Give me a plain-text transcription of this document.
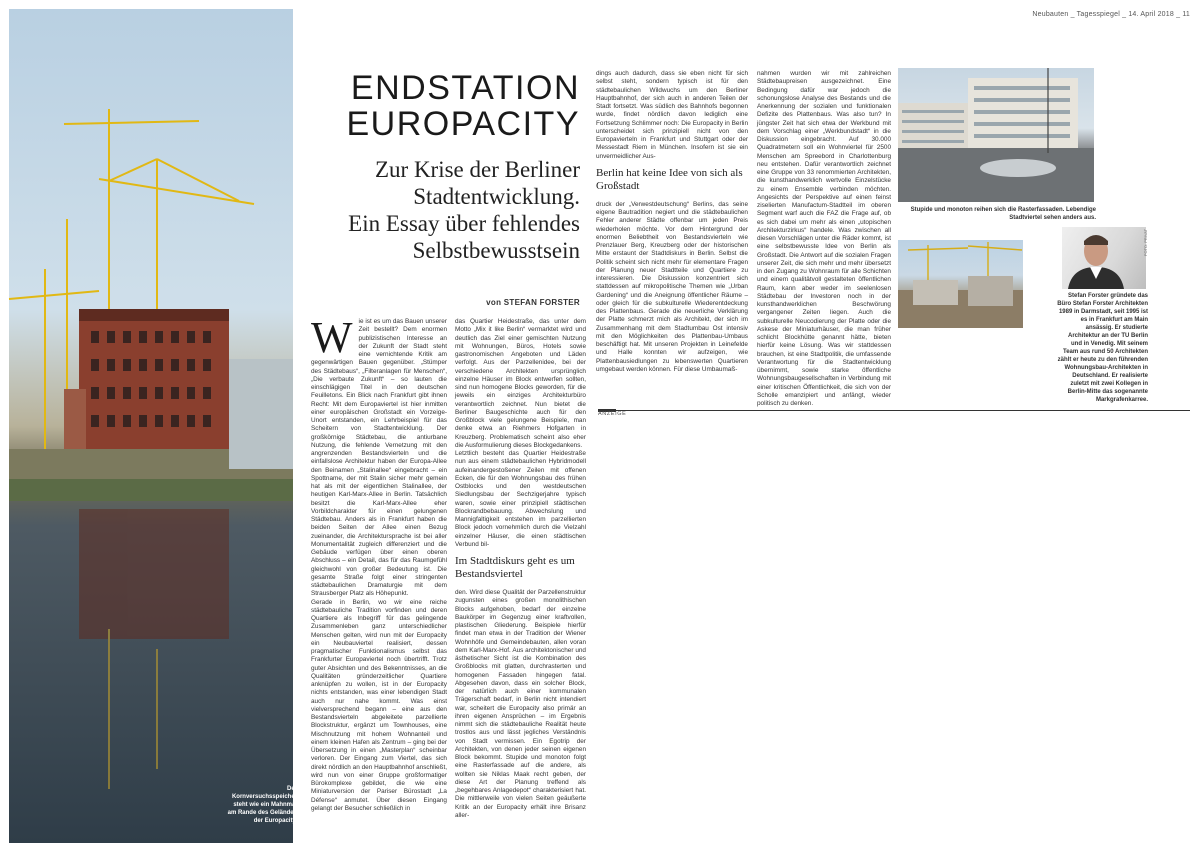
Der Kornversuchsspeicher steht wie ein Mahnmal am Rande des Geländes der Europacity.
Neubauten _ Tagesspiegel _ 14. April 2018 _ 11
ENDSTATION
EUROPACITY
Zur Krise der Berliner
Stadtentwicklung.
Ein Essay über fehlendes
Selbstbewusstsein
von STEFAN FORSTER
W ie ist es um das Bauen unserer Zeit bestellt? Dem enormen publizistischen Interesse an der Zukunft der Stadt steht eine vernichtende Kritik am gegenwärtigen Bauen gegenüber. „Stümper des Städtebaus“, „Filteranlagen für Menschen“, „Die verbaute Zukunft“ – so lauten die einschlägigen Titel in den deutschen Feuilletons. Ein Blick nach Frankfurt gibt ihnen Recht: Mit dem Europaviertel ist hier inmitten einer europäischen Großstadt ein Vorzeige-Unort entstanden, ein Lehrbeispiel für das Scheitern von Stadtentwicklung. Der großkörnige Städtebau, die antiurbane Nutzung, die fehlende Vernetzung mit den angrenzenden Bestandsvierteln und die einfallslose Architektur haben der Europa-Allee den Beinamen „Stalinallee“ eingebracht – ein Spottname, der mit Stalin sicher mehr gemein hat als mit der eigentlichen Stalinallee, der heutigen Karl-Marx-Allee in Berlin. Tatsächlich besitzt die Karl-Marx-Allee eher Vorbildcharakter für einen gelungenen Städtebau. Anders als in Frankfurt haben die beiden Seiten der Allee einen Bezug zueinander, die Architektursprache ist bei aller Monumentalität zugleich differenziert und die Gebäude verfügen über einen oberen Abschluss – ein Detail, das für das Raumgefühl gleichwohl von großer Bedeutung ist. Die gesamte Straße folgt einer stringenten städtebaulichen Dramaturgie mit dem Strausberger Platz als Höhepunkt.

Gerade in Berlin, wo wir eine reiche städtebauliche Tradition vorfinden und deren Quartiere als Inbegriff für das gelingende Zusammenleben ganz unterschiedlicher Menschen gelten, wird nun mit der Europacity ein Neubauviertel realisiert, dessen pragmatischer Funktionalismus selbst das Frankfurter Europaviertel noch übertrifft. Trotz guter Absichten und des Bekenntnisses, an die Qualitäten gründerzeitlicher Quartiere anknüpfen zu wollen, ist in der Europacity nichts entstanden, was einer lebendigen Stadt auch nur nahe kommt. Was einst vielversprechend begann – eine aus den Bestandsvierteln abgeleitete parzellierte Blockstruktur, ergänzt um Townhouses, eine Mischnutzung mit hohem Wohnanteil und einem kleinen Hafen als Zentrum – ging bei der Übersetzung in einen „Masterplan“ scheinbar verloren. Der Eingang zum Viertel, das sich direkt nördlich an den Hauptbahnhof anschließt, wird nun von einer Gruppe großformatiger Bürokomplexe gebildet, die wie eine Miniaturversion der Pariser Bürostadt „La Défense“ anmutet. Über diesen Eingang gelangt der Besucher schließlich in

das Quartier Heidestraße, das unter dem Motto „Mix it like Berlin“ vermarktet wird und deutlich das Ziel einer gemischten Nutzung mit Wohnungen, Büros, Hotels sowie gastronomischen Angeboten und Läden verfolgt. Aus der Parzellenidee, bei der verschiedene Architekten ursprünglich einzelne Häuser im Block entwerfen sollten, sind nun homogene Blocks geworden, für die jeweils ein einziges Architekturbüro verantwortlich zeichnet. Nun bietet die Berliner Baugeschichte auch für den Großblock viele gelungene Beispiele, man denke etwa an Riehmers Hofgarten in Kreuzberg. Problematisch scheint also eher die Ausformulierung dieses Blockgedankens.

Letztlich besteht das Quartier Heidestraße nun aus einem städtebaulichen Hybridmodell aufeinandergestoßener Zeilen mit offenen Ecken, die für den Wohnungsbau des frühen Ostblocks und den westdeutschen Siedlungsbau der Sechzigerjahre typisch waren, sowie einer prinzipiell städtischen Blockrandbebauung. Abwechslung und Mannigfaltigkeit entstehen im parzellierten Block jedoch vornehmlich durch die Vielzahl einzelner Häuser, die einen städtischen Verbund bil-

Im Stadtdiskurs geht es um Bestandsviertel

den. Wird diese Qualität der Parzellenstruktur zugunsten eines großen monolithischen Blocks aufgehoben, bedarf der einzelne Baukörper im Gegenzug einer kraftvollen, plastischen Gliederung. Beispiele hierfür findet man etwa in der Tradition der Wiener Wohnhöfe und Gemeindebauten, allen voran dem Karl-Marx-Hof. Aus architektonischer und ästhetischer Sicht ist die Kombination des Großblocks mit glatten, durchrasterten und homogenen Fassaden hingegen fatal. Abgesehen davon, dass ein solcher Block, der natürlich auch einer kommunalen Trägerschaft bedarf, in Berlin nicht intendiert war, scheitert die Europacity also primär an ihren eigenen Ansprüchen – im Ergebnis nimmt sich die städtebauliche Realität heute trostlos aus und lässt jegliches Verständnis von Stadt vermissen. Ein Egotrip der Architekten, von denen jeder seinen eigenen Block bekommt. Stupide und monoton folgt eine Rasterfassade auf die andere, als wollten sie Niklas Maak recht geben, der diese Art der Planung treffend als „begehbares Anlagedepot“ charakterisiert hat. Die mittlerweile von vielen Seiten geäußerte Kritik an der Europacity erhält ihre Brisanz aller-

dings auch dadurch, dass sie eben nicht für sich selbst steht, sondern typisch ist für den städtebaulichen Wildwuchs um den Berliner Hauptbahnhof, der sich auch in anderen Teilen der Stadt fortsetzt. Was südlich des Bahnhofs begonnen wurde, findet nördlich davon lediglich eine Fortsetzung Schlimmer noch: Die Europacity in Berlin unterscheidet sich prinzipiell nicht von den Europavierteln in Frankfurt und Stuttgart oder der Messestadt Riem in München. Insofern ist sie ein unvermeidlicher Aus-

Berlin hat keine Idee von sich als Großstadt

druck der „Verwestdeutschung“ Berlins, das seine eigene Bautradition negiert und die städtebaulichen Fehler anderer Städte offenbar um jeden Preis wiederholen möchte. Vor dem Hintergrund der enormen Beliebtheit von Bestandsvierteln wie Prenzlauer Berg, Kreuzberg oder der historischen Mitte erstaunt der Stadtdiskurs in Berlin. Selbst die Politik scheint sich nicht mehr für elementare Fragen der Planung neuer Stadtteile und Quartiere zu interessieren. Die Diskussion konzentriert sich stattdessen auf mikropolitische Themen wie „Urban Gardening“ und die Aneignung öffentlicher Räume – oder gleich für die subkulturelle Wiederentdeckung des Plattenbaus. Gerade die neuerliche Verklärung der Platte schmerzt mich als Architekt, der sich im Zusammenhang mit dem Stadtumbau Ost intensiv mit den Möglichkeiten des Plattenbau-Umbaus beschäftigt hat. Mit unseren Projekten in Leinefelde und Halle konnten wir aufzeigen, wie Plattenbausiedlungen zu lebenswerten Quartieren umgebaut werden können. Für diese Umbaumaß-

nahmen wurden wir mit zahlreichen Städtebaupreisen ausgezeichnet. Eine Bedingung dafür war jedoch die schonungslose Analyse des Bestands und die Anerkennung der sozialen und funktionalen Defizite des Plattenbaus. Was also tun? In jüngster Zeit hat sich etwa der Werkbund mit dem Vorschlag einer „Werkbundstadt“ in die Diskussion eingebracht. Auf 30.000 Quadratmetern soll ein Wohnviertel für 2500 Menschen am Spreebord in Charlottenburg neu entstehen. Dafür verantwortlich zeichnet eine Gruppe von 33 renommierten Architekten, die kunsthandwerklich wertvolle Einzelstücke zu einem Ensemble verbinden möchten. Angesichts der Perspektive auf einen feinst ziselierten Manufactum-Stadtteil im oberen Segment warf auch die FAZ die Frage auf, ob es sich dabei um mehr als einen „utopischen Architekturzirkus“ handele. Was zwischen all diesen Vorschlägen unter die Räder kommt, ist eine selbstbewusste Idee von Berlin als Großstadt. Die Antwort auf die sozialen Fragen unserer Zeit, die sich mehr und mehr übersetzt in den Zugang zu Wohnraum für alle Schichten und einem qualitätvoll gestalteten öffentlichen Raum, kann aber weder im seelenlosen Städtebau der Investoren noch in der kunsthandwerklichen Beschwörung vergangener Zeiten liegen. Auch die subkulturelle Neucodierung der Platte oder die Askese der Miniaturhäuser, die man früher schlicht Blockhütte genannt hätte, bieten hierfür keine Lösung. Was wir stattdessen brauchen, ist eine Stadtpolitik, die umfassende Verantwortung für die Stadtentwicklung übernimmt, sowie starke öffentliche Wohnungsbaugesellschaften in Verbindung mit einer kritischen Öffentlichkeit, die sich von der Scholle emanzipiert und anfängt, wieder politisch zu denken.

Stupide und monoton reihen sich die Rasterfassaden. Lebendige Stadtviertel sehen anders aus.
FOTO: PRIVAT
Stefan Forster gründete das Büro Stefan Forster Architekten 1989 in Darmstadt, seit 1995 ist es in Frankfurt am Main ansässig. Er studierte Architektur an der TU Berlin und in Venedig. Mit seinem Team aus rund 50 Architekten zählt er heute zu den führenden Wohnungsbau-Architekten in Deutschland. Er realisierte zuletzt mit zwei Kollegen in Berlin-Mitte das sogenannte Markgrafenkarree.
ANZEIGE
